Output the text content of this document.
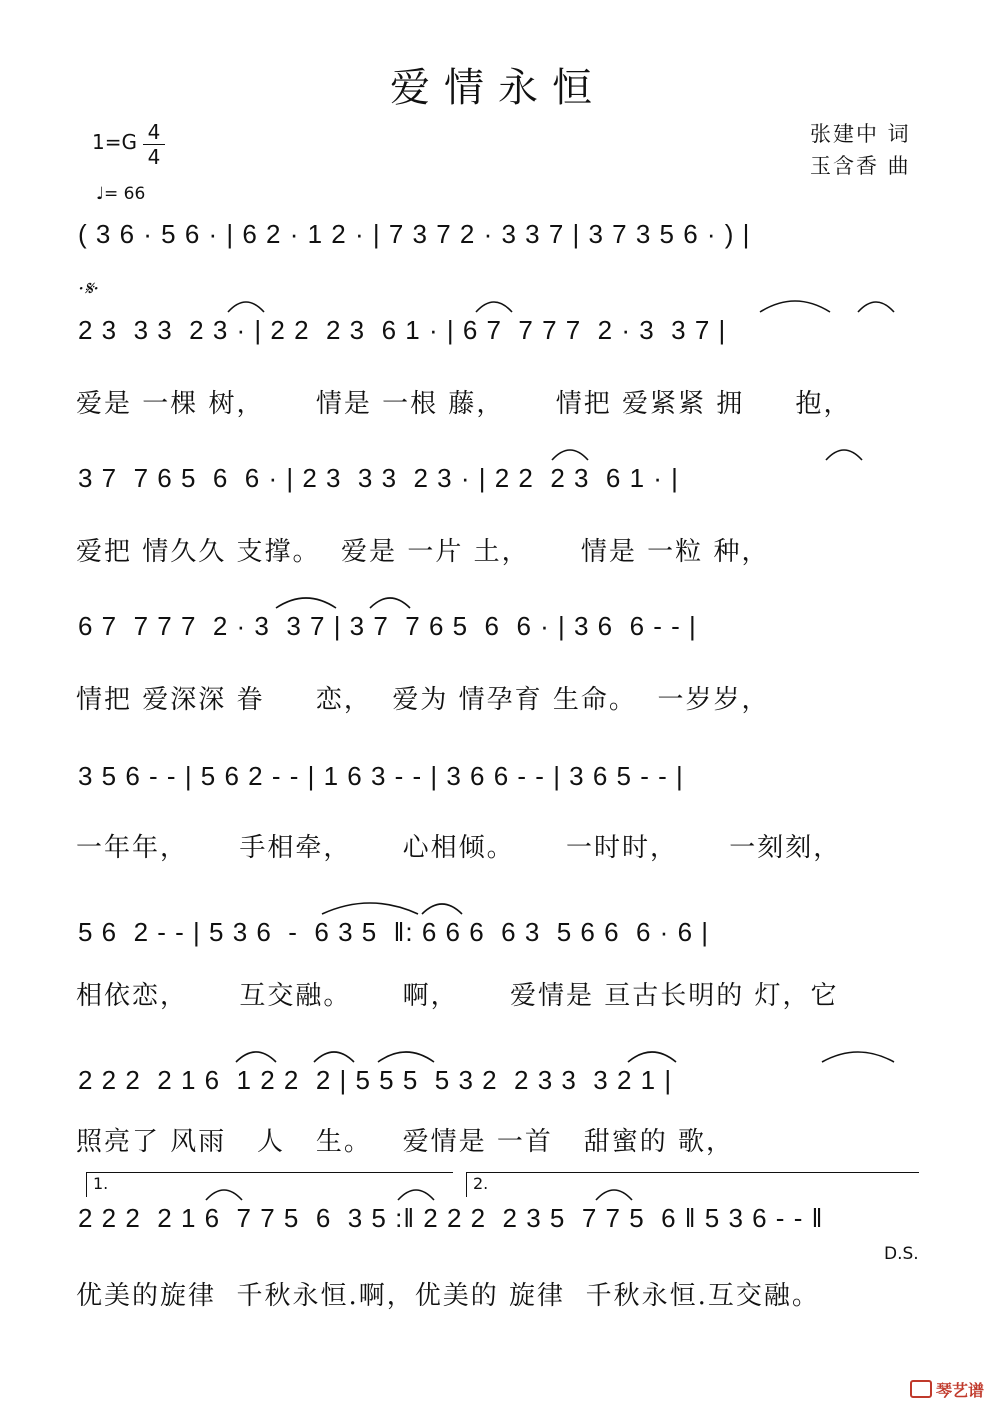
爱情永恒
1=G 4
4
♩= 66
张建中 词
玉含香 曲
·𝄋·
( 3 6 · 5 6 · | 6 2 · 1 2 · | 7 3 7 2 · 3 3 7 | 3 7 3 5 6 · ) |
2 3  3 3  2 3 · | 2 2  2 3  6 1 · | 6 7  7 7 7  2 · 3  3 7 |
3 7  7 6 5  6  6 · | 2 3  3 3  2 3 · | 2 2  2 3  6 1 · |
6 7  7 7 7  2 · 3  3 7 | 3 7  7 6 5  6  6 · | 3 6  6 - - |
3 5 6 - - | 5 6 2 - - | 1 6 3 - - | 3 6 6 - - | 3 6 5 - - |
5 6  2 - - | 5 3 6  -  6 3 5  ‖: 6 6 6  6 3  5 6 6  6 · 6 |
2 2 2  2 1 6  1 2 2  2 | 5 5 5  5 3 2  2 3 3  3 2 1 |
2 2 2  2 1 6  7 7 5  6  3 5 :‖ 2 2 2  2 3 5  7 7 5  6 ‖ 5 3 6 - - ‖
爱是 一棵 树，     情是 一根 藤，     情把 爱紧紧 拥     抱，
爱把 情久久 支撑。  爱是 一片 土，     情是 一粒 种，
情把 爱深深 眷     恋，  爱为 情孕育 生命。  一岁岁，
一年年，     手相牵，     心相倾。     一时时，     一刻刻，
相依恋，     互交融。     啊，     爱情是 亘古长明的 灯，它
照亮了 风雨   人   生。   爱情是 一首   甜蜜的 歌，
优美的旋律  千秋永恒.啊，优美的 旋律  千秋永恒.互交融。
1.	2.
D.S.
琴艺谱
